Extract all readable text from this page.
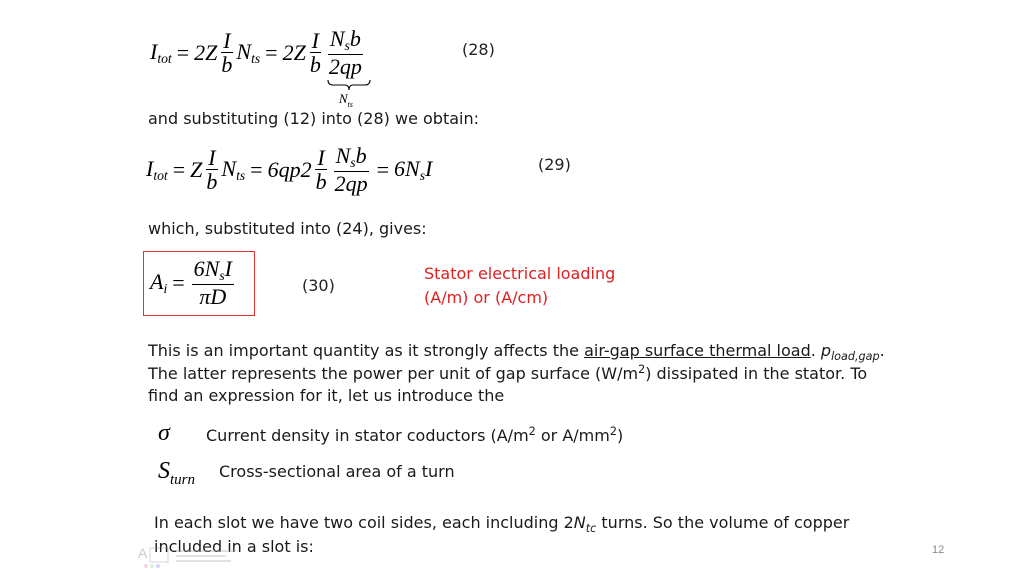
$I_{tot} = 2Z \frac{I}{b} N_{ts} = 2Z \frac{I}{b} N_sb$
2qp
$N_{ts}$
(28)
and substituting (12) into (28) we obtain:
$I_{tot} = Z \frac{I}{b} N_{ts} = 6qp2 \frac{I}{b} \frac{N_sb}{2qp} = 6N_sI$	(29)
which, substituted into (24), gives:
$A_i = \frac{6N_sI}{\pi D}$	(30)
Stator electrical loading
(A/m) or (A/cm)
This is an important quantity as it strongly affects the air-gap surface thermal load. $p_{load,gap}$.
The latter represents the power per unit of gap surface $(W/m^2)$ dissipated in the stator. To
find an expression for it, let us introduce the
σ Current density in stator coductors ($A/m^2$ or $A/mm^2$)
$S_{turn}$ Cross-sectional area of a turn
In each slot we have two coil sides, each including $2N_{tc}$ turns. So the volume of copper
included in a slot is:
A	12
